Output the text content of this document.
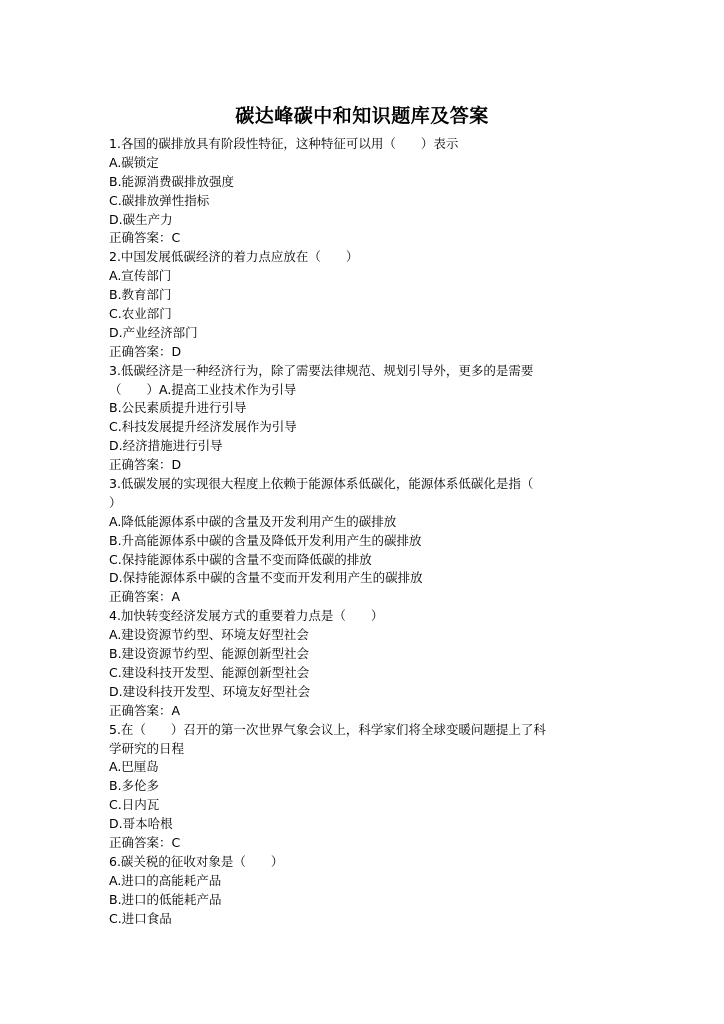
碳达峰碳中和知识题库及答案
1.各国的碳排放具有阶段性特征，这种特征可以用（　　）表示
A.碳锁定
B.能源消费碳排放强度
C.碳排放弹性指标
D.碳生产力
正确答案：C
2.中国发展低碳经济的着力点应放在（　　）
A.宣传部门
B.教育部门
C.农业部门
D.产业经济部门
正确答案：D
3.低碳经济是一种经济行为，除了需要法律规范、规划引导外，更多的是需要
（　　）A.提高工业技术作为引导
B.公民素质提升进行引导
C.科技发展提升经济发展作为引导
D.经济措施进行引导
正确答案：D
3.低碳发展的实现很大程度上依赖于能源体系低碳化，能源体系低碳化是指（
）
A.降低能源体系中碳的含量及开发利用产生的碳排放
B.升高能源体系中碳的含量及降低开发利用产生的碳排放
C.保持能源体系中碳的含量不变而降低碳的排放
D.保持能源体系中碳的含量不变而开发利用产生的碳排放
正确答案：A
4.加快转变经济发展方式的重要着力点是（　　）
A.建设资源节约型、环境友好型社会
B.建设资源节约型、能源创新型社会
C.建设科技开发型、能源创新型社会
D.建设科技开发型、环境友好型社会
正确答案：A
5.在（　　）召开的第一次世界气象会议上，科学家们将全球变暖问题提上了科
学研究的日程
A.巴厘岛
B.多伦多
C.日内瓦
D.哥本哈根
正确答案：C
6.碳关税的征收对象是（　　）
A.进口的高能耗产品
B.进口的低能耗产品
C.进口食品
